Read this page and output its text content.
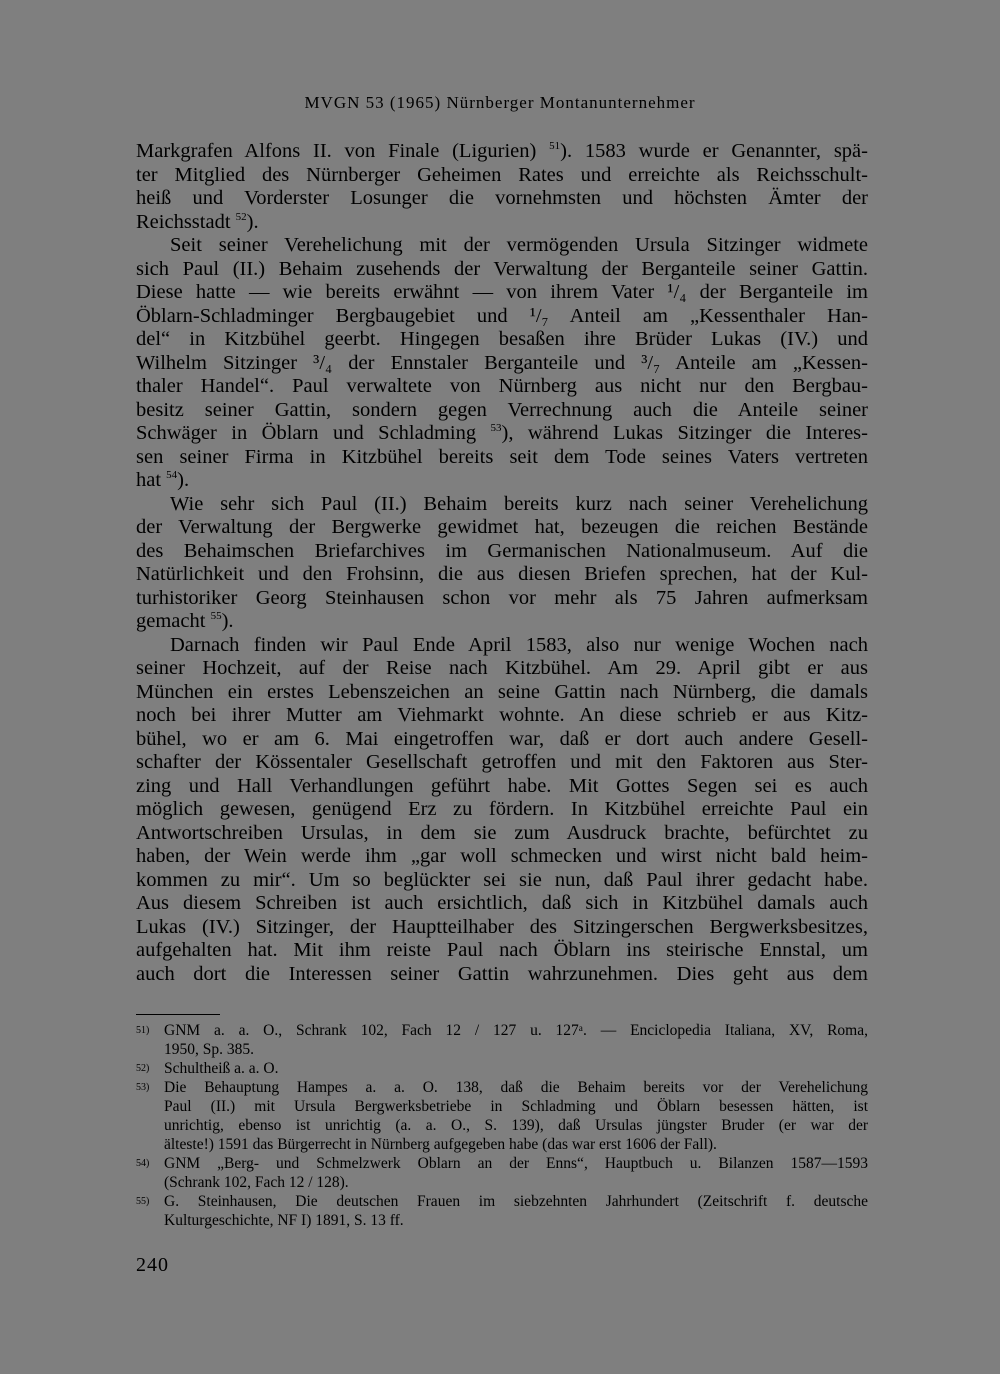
MVGN 53 (1965) Nürnberger Montanunternehmer
Markgrafen Alfons II. von Finale (Ligurien) $^{51}$). 1583 wurde er Genannter, spä-
ter Mitglied des Nürnberger Geheimen Rates und erreichte als Reichsschult-
heiß und Vorderster Losunger die vornehmsten und höchsten Ämter der
Reichsstadt $^{52}$).
Seit seiner Verehelichung mit der vermögenden Ursula Sitzinger widmete
sich Paul (II.) Behaim zusehends der Verwaltung der Berganteile seiner Gattin.
Diese hatte — wie bereits erwähnt — von ihrem Vater ¹/₄ der Berganteile im
Öblarn-Schladminger Bergbaugebiet und ¹/₇ Anteil am „Kessenthaler Han-
del“ in Kitzbühel geerbt. Hingegen besaßen ihre Brüder Lukas (IV.) und
Wilhelm Sitzinger ³/₄ der Ennstaler Berganteile und ³/₇ Anteile am „Kessen-
thaler Handel“. Paul verwaltete von Nürnberg aus nicht nur den Bergbau-
besitz seiner Gattin, sondern gegen Verrechnung auch die Anteile seiner
Schwäger in Öblarn und Schladming $^{53}$), während Lukas Sitzinger die Interes-
sen seiner Firma in Kitzbühel bereits seit dem Tode seines Vaters vertreten
hat $^{54}$).
Wie sehr sich Paul (II.) Behaim bereits kurz nach seiner Verehelichung
der Verwaltung der Bergwerke gewidmet hat, bezeugen die reichen Bestände
des Behaimschen Briefarchives im Germanischen Nationalmuseum. Auf die
Natürlichkeit und den Frohsinn, die aus diesen Briefen sprechen, hat der Kul-
turhistoriker Georg Steinhausen schon vor mehr als 75 Jahren aufmerksam
gemacht $^{55}$).
Darnach finden wir Paul Ende April 1583, also nur wenige Wochen nach
seiner Hochzeit, auf der Reise nach Kitzbühel. Am 29. April gibt er aus
München ein erstes Lebenszeichen an seine Gattin nach Nürnberg, die damals
noch bei ihrer Mutter am Viehmarkt wohnte. An diese schrieb er aus Kitz-
bühel, wo er am 6. Mai eingetroffen war, daß er dort auch andere Gesell-
schafter der Kössentaler Gesellschaft getroffen und mit den Faktoren aus Ster-
zing und Hall Verhandlungen geführt habe. Mit Gottes Segen sei es auch
möglich gewesen, genügend Erz zu fördern. In Kitzbühel erreichte Paul ein
Antwortschreiben Ursulas, in dem sie zum Ausdruck brachte, befürchtet zu
haben, der Wein werde ihm „gar woll schmecken und wirst nicht bald heim-
kommen zu mir“. Um so beglückter sei sie nun, daß Paul ihrer gedacht habe.
Aus diesem Schreiben ist auch ersichtlich, daß sich in Kitzbühel damals auch
Lukas (IV.) Sitzinger, der Hauptteilhaber des Sitzingerschen Bergwerksbesitzes,
aufgehalten hat. Mit ihm reiste Paul nach Öblarn ins steirische Ennstal, um
auch dort die Interessen seiner Gattin wahrzunehmen. Dies geht aus dem
51) GNM a. a. O., Schrank 102, Fach 12 / 127 u. 127ᵃ. — Enciclopedia Italiana, XV, Roma,
1950, Sp. 385.
52) Schultheiß a. a. O.
53) Die Behauptung Hampes a. a. O. 138, daß die Behaim bereits vor der Verehelichung
Paul (II.) mit Ursula Bergwerksbetriebe in Schladming und Öblarn besessen hätten, ist
unrichtig, ebenso ist unrichtig (a. a. O., S. 139), daß Ursulas jüngster Bruder (er war der
älteste!) 1591 das Bürgerrecht in Nürnberg aufgegeben habe (das war erst 1606 der Fall).
54) GNM „Berg- und Schmelzwerk Oblarn an der Enns“, Hauptbuch u. Bilanzen 1587—1593
(Schrank 102, Fach 12 / 128).
55) G. Steinhausen, Die deutschen Frauen im siebzehnten Jahrhundert (Zeitschrift f. deutsche
Kulturgeschichte, NF I) 1891, S. 13 ff.
240
